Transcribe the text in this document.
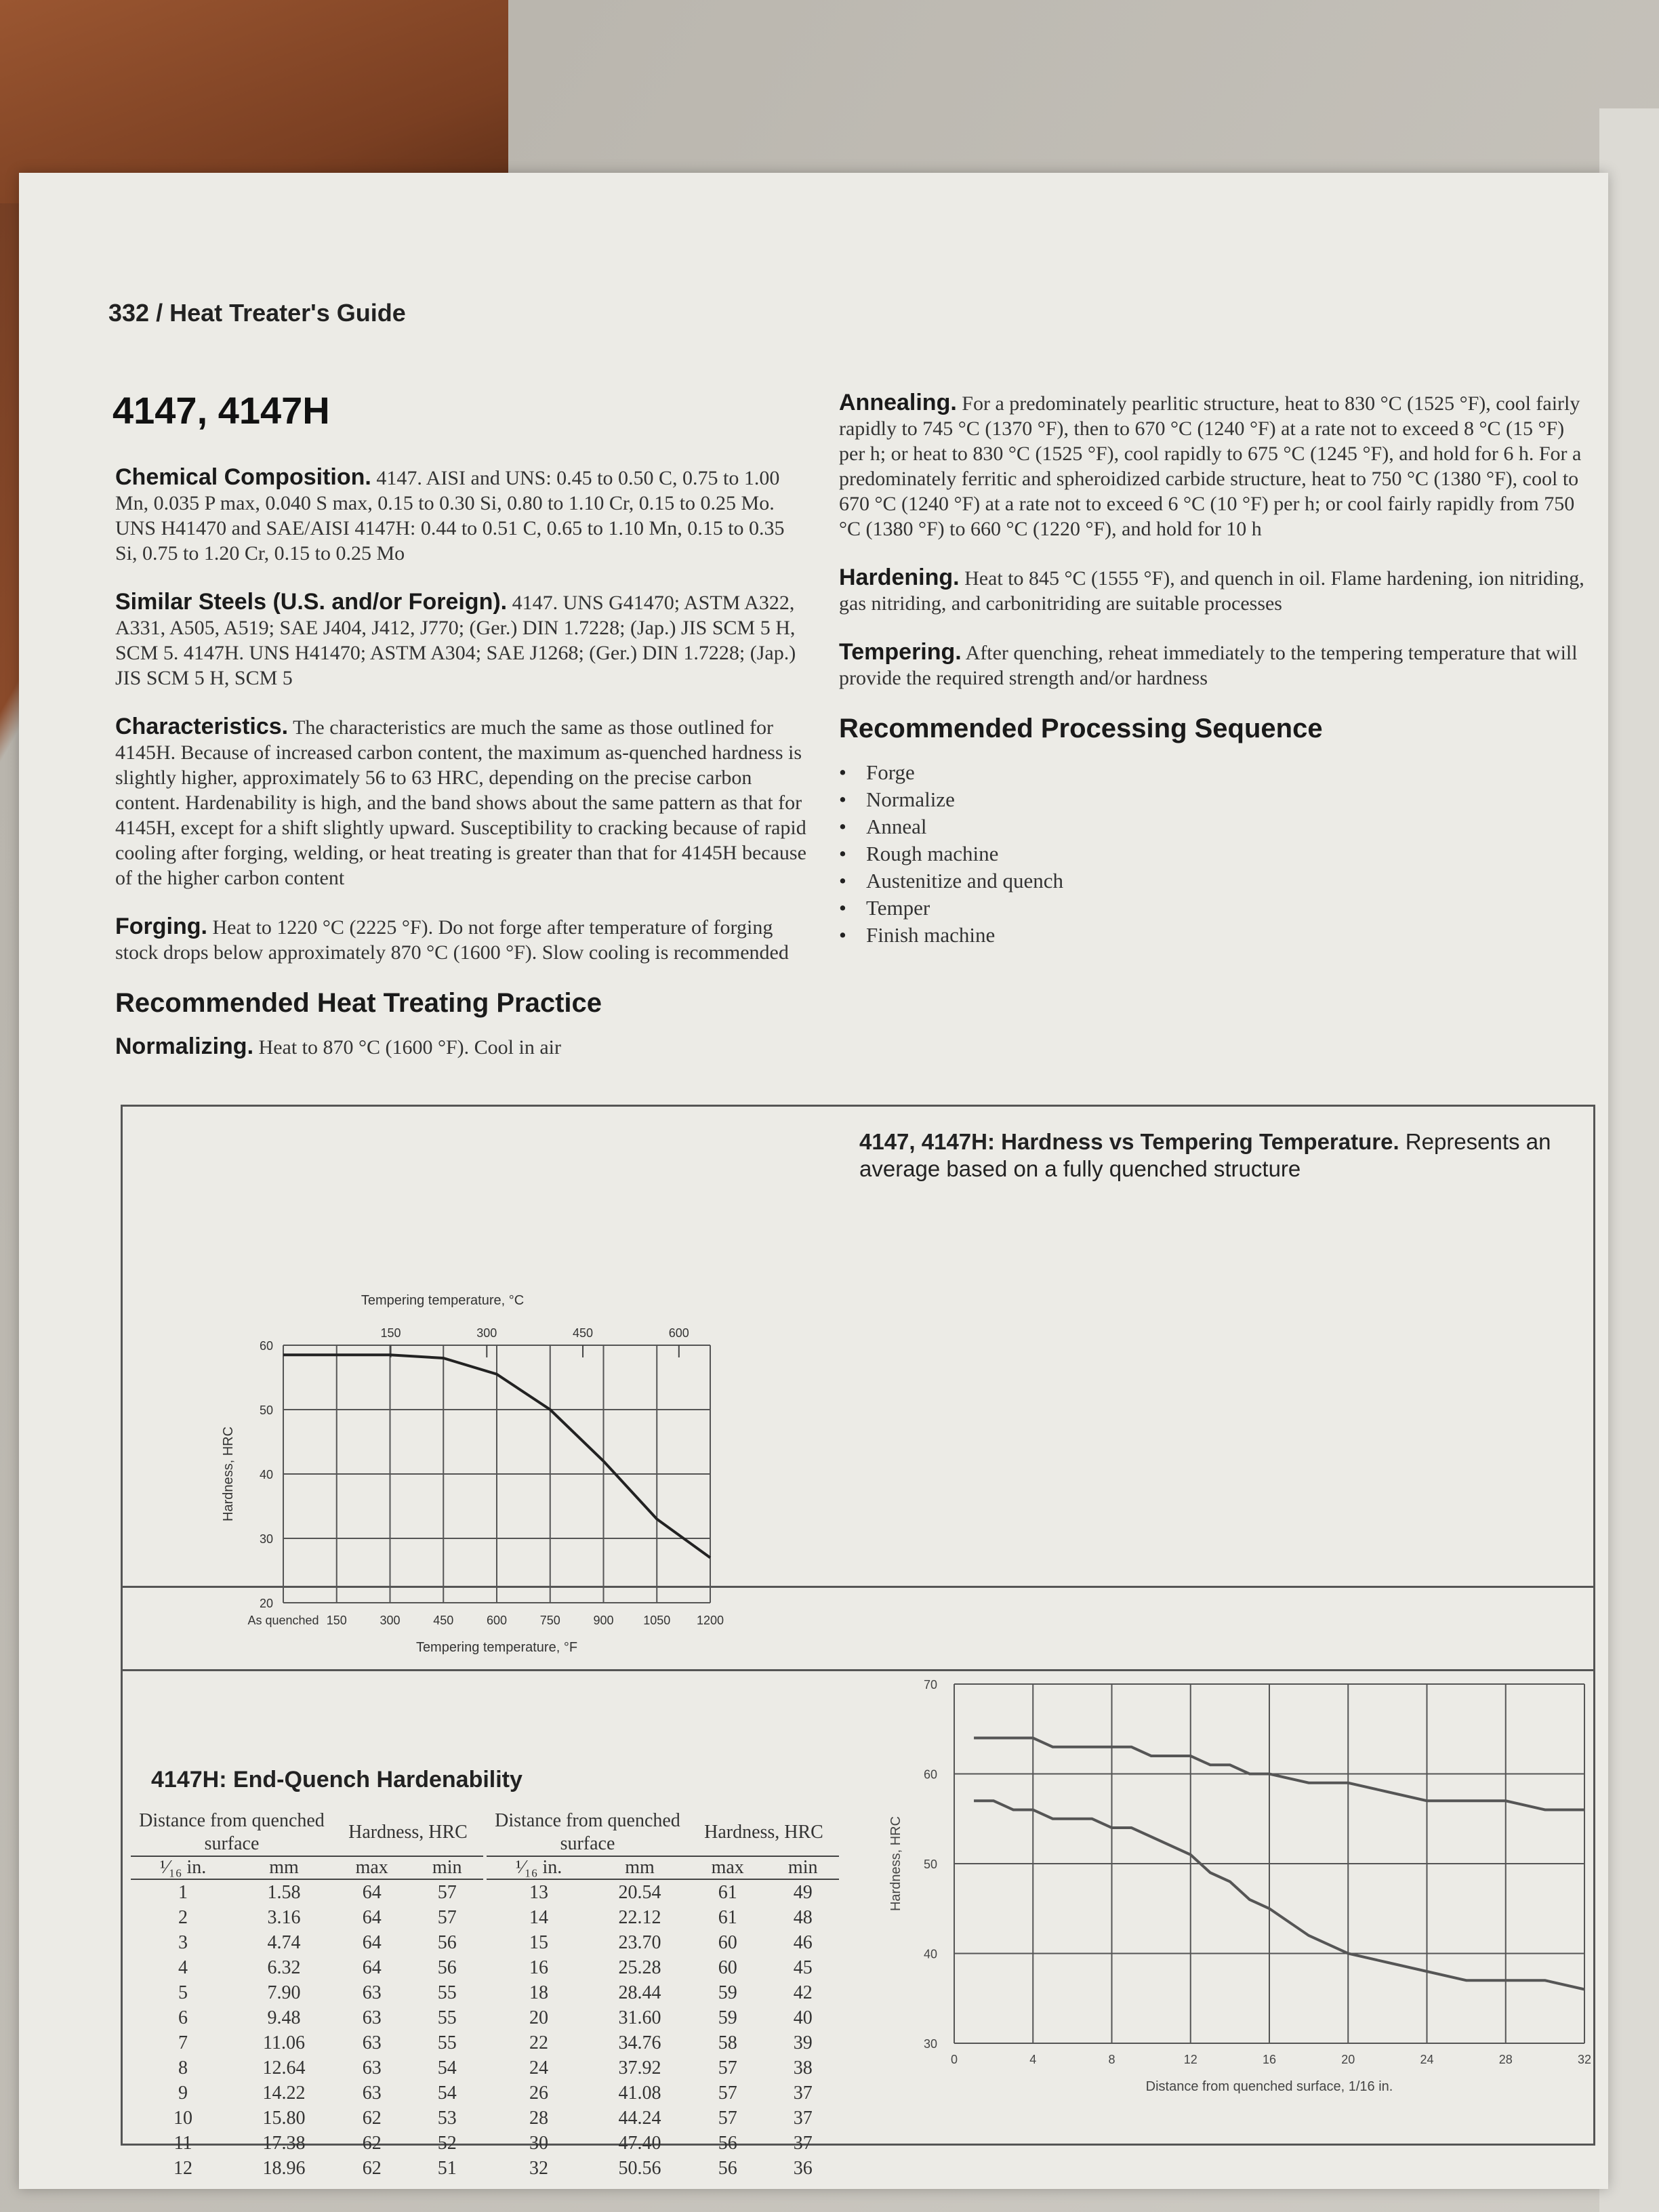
332 / Heat Treater's Guide
4147, 4147H

Chemical Composition. 4147. AISI and UNS: 0.45 to 0.50 C, 0.75 to 1.00 Mn, 0.035 P max, 0.040 S max, 0.15 to 0.30 Si, 0.80 to 1.10 Cr, 0.15 to 0.25 Mo. UNS H41470 and SAE/AISI 4147H: 0.44 to 0.51 C, 0.65 to 1.10 Mn, 0.15 to 0.35 Si, 0.75 to 1.20 Cr, 0.15 to 0.25 Mo

Similar Steels (U.S. and/or Foreign). 4147. UNS G41470; ASTM A322, A331, A505, A519; SAE J404, J412, J770; (Ger.) DIN 1.7228; (Jap.) JIS SCM 5 H, SCM 5. 4147H. UNS H41470; ASTM A304; SAE J1268; (Ger.) DIN 1.7228; (Jap.) JIS SCM 5 H, SCM 5

Characteristics. The characteristics are much the same as those outlined for 4145H. Because of increased carbon content, the maximum as-quenched hardness is slightly higher, approximately 56 to 63 HRC, depending on the precise carbon content. Hardenability is high, and the band shows about the same pattern as that for 4145H, except for a shift slightly upward. Susceptibility to cracking because of rapid cooling after forging, welding, or heat treating is greater than that for 4145H because of the higher carbon content

Forging. Heat to 1220 °C (2225 °F). Do not forge after temperature of forging stock drops below approximately 870 °C (1600 °F). Slow cooling is recommended

Recommended Heat Treating Practice

Normalizing. Heat to 870 °C (1600 °F). Cool in air

Annealing. For a predominately pearlitic structure, heat to 830 °C (1525 °F), cool fairly rapidly to 745 °C (1370 °F), then to 670 °C (1240 °F) at a rate not to exceed 8 °C (15 °F) per h; or heat to 830 °C (1525 °F), cool rapidly to 675 °C (1245 °F), and hold for 6 h. For a predominately ferritic and spheroidized carbide structure, heat to 750 °C (1380 °F), cool to 670 °C (1240 °F) at a rate not to exceed 6 °C (10 °F) per h; or cool fairly rapidly from 750 °C (1380 °F) to 660 °C (1220 °F), and hold for 10 h

Hardening. Heat to 845 °C (1555 °F), and quench in oil. Flame hardening, ion nitriding, gas nitriding, and carbonitriding are suitable processes

Tempering. After quenching, reheat immediately to the tempering temperature that will provide the required strength and/or hardness

Recommended Processing Sequence
• Forge
• Normalize
• Anneal
• Rough machine
• Austenitize and quench
• Temper
• Finish machine
As quenched 150	300	450	600	750	900 1050 1200
20
30
40
50
60
150	300	450	600
Tempering temperature, °F
Tempering temperature, °C
Hardness, HRC
4147, 4147H: Hardness vs Tempering Temperature. Represents an average based on a fully quenched structure
4147H: End-Quench Hardenability
Distance from quenched surface		Hardness, HRC	
¹⁄₁₆ in.	mm	max	min
1	1.58	64	57
2	3.16	64	57
3	4.74	64	56
4	6.32	64	56
5	7.90	63	55
6	9.48	63	55
7	11.06	63	55
8	12.64	63	54
9	14.22	63	54
10	15.80	62	53
11	17.38	62	52
12	18.96	62	51
Distance from quenched surface		Hardness, HRC	
¹⁄₁₆ in.	mm	max	min
13	20.54	61	49
14	22.12	61	48
15	23.70	60	46
16	25.28	60	45
18	28.44	59	42
20	31.60	59	40
22	34.76	58	39
24	37.92	57	38
26	41.08	57	37
28	44.24	57	37
30	47.40	56	37
32	50.56	56	36
0	4	8	12	16	20	24	28	32
30
40
50
60
70
Distance from quenched surface, 1/16 in.
Hardness, HRC
